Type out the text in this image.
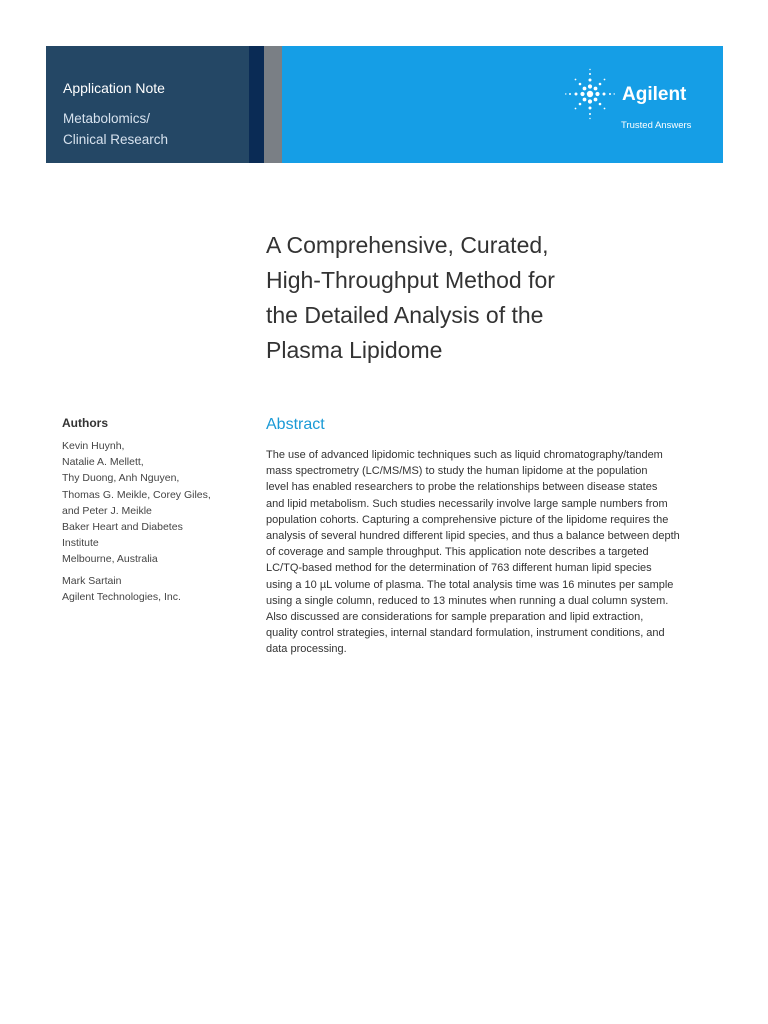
Application Note
Metabolomics/
Clinical Research
Agilent
Trusted Answers
A Comprehensive, Curated,
High-Throughput Method for
the Detailed Analysis of the
Plasma Lipidome
Authors
Kevin Huynh,
Natalie A. Mellett,
Thy Duong, Anh Nguyen,
Thomas G. Meikle, Corey Giles,
and Peter J. Meikle
Baker Heart and Diabetes
Institute
Melbourne, Australia
Mark Sartain
Agilent Technologies, Inc.
Abstract
The use of advanced lipidomic techniques such as liquid chromatography/tandem
mass spectrometry (LC/MS/MS) to study the human lipidome at the population
level has enabled researchers to probe the relationships between disease states
and lipid metabolism. Such studies necessarily involve large sample numbers from
population cohorts. Capturing a comprehensive picture of the lipidome requires the
analysis of several hundred different lipid species, and thus a balance between depth
of coverage and sample throughput. This application note describes a targeted
LC/TQ-based method for the determination of 763 different human lipid species
using a 10 µL volume of plasma. The total analysis time was 16 minutes per sample
using a single column, reduced to 13 minutes when running a dual column system.
Also discussed are considerations for sample preparation and lipid extraction,
quality control strategies, internal standard formulation, instrument conditions, and
data processing.
